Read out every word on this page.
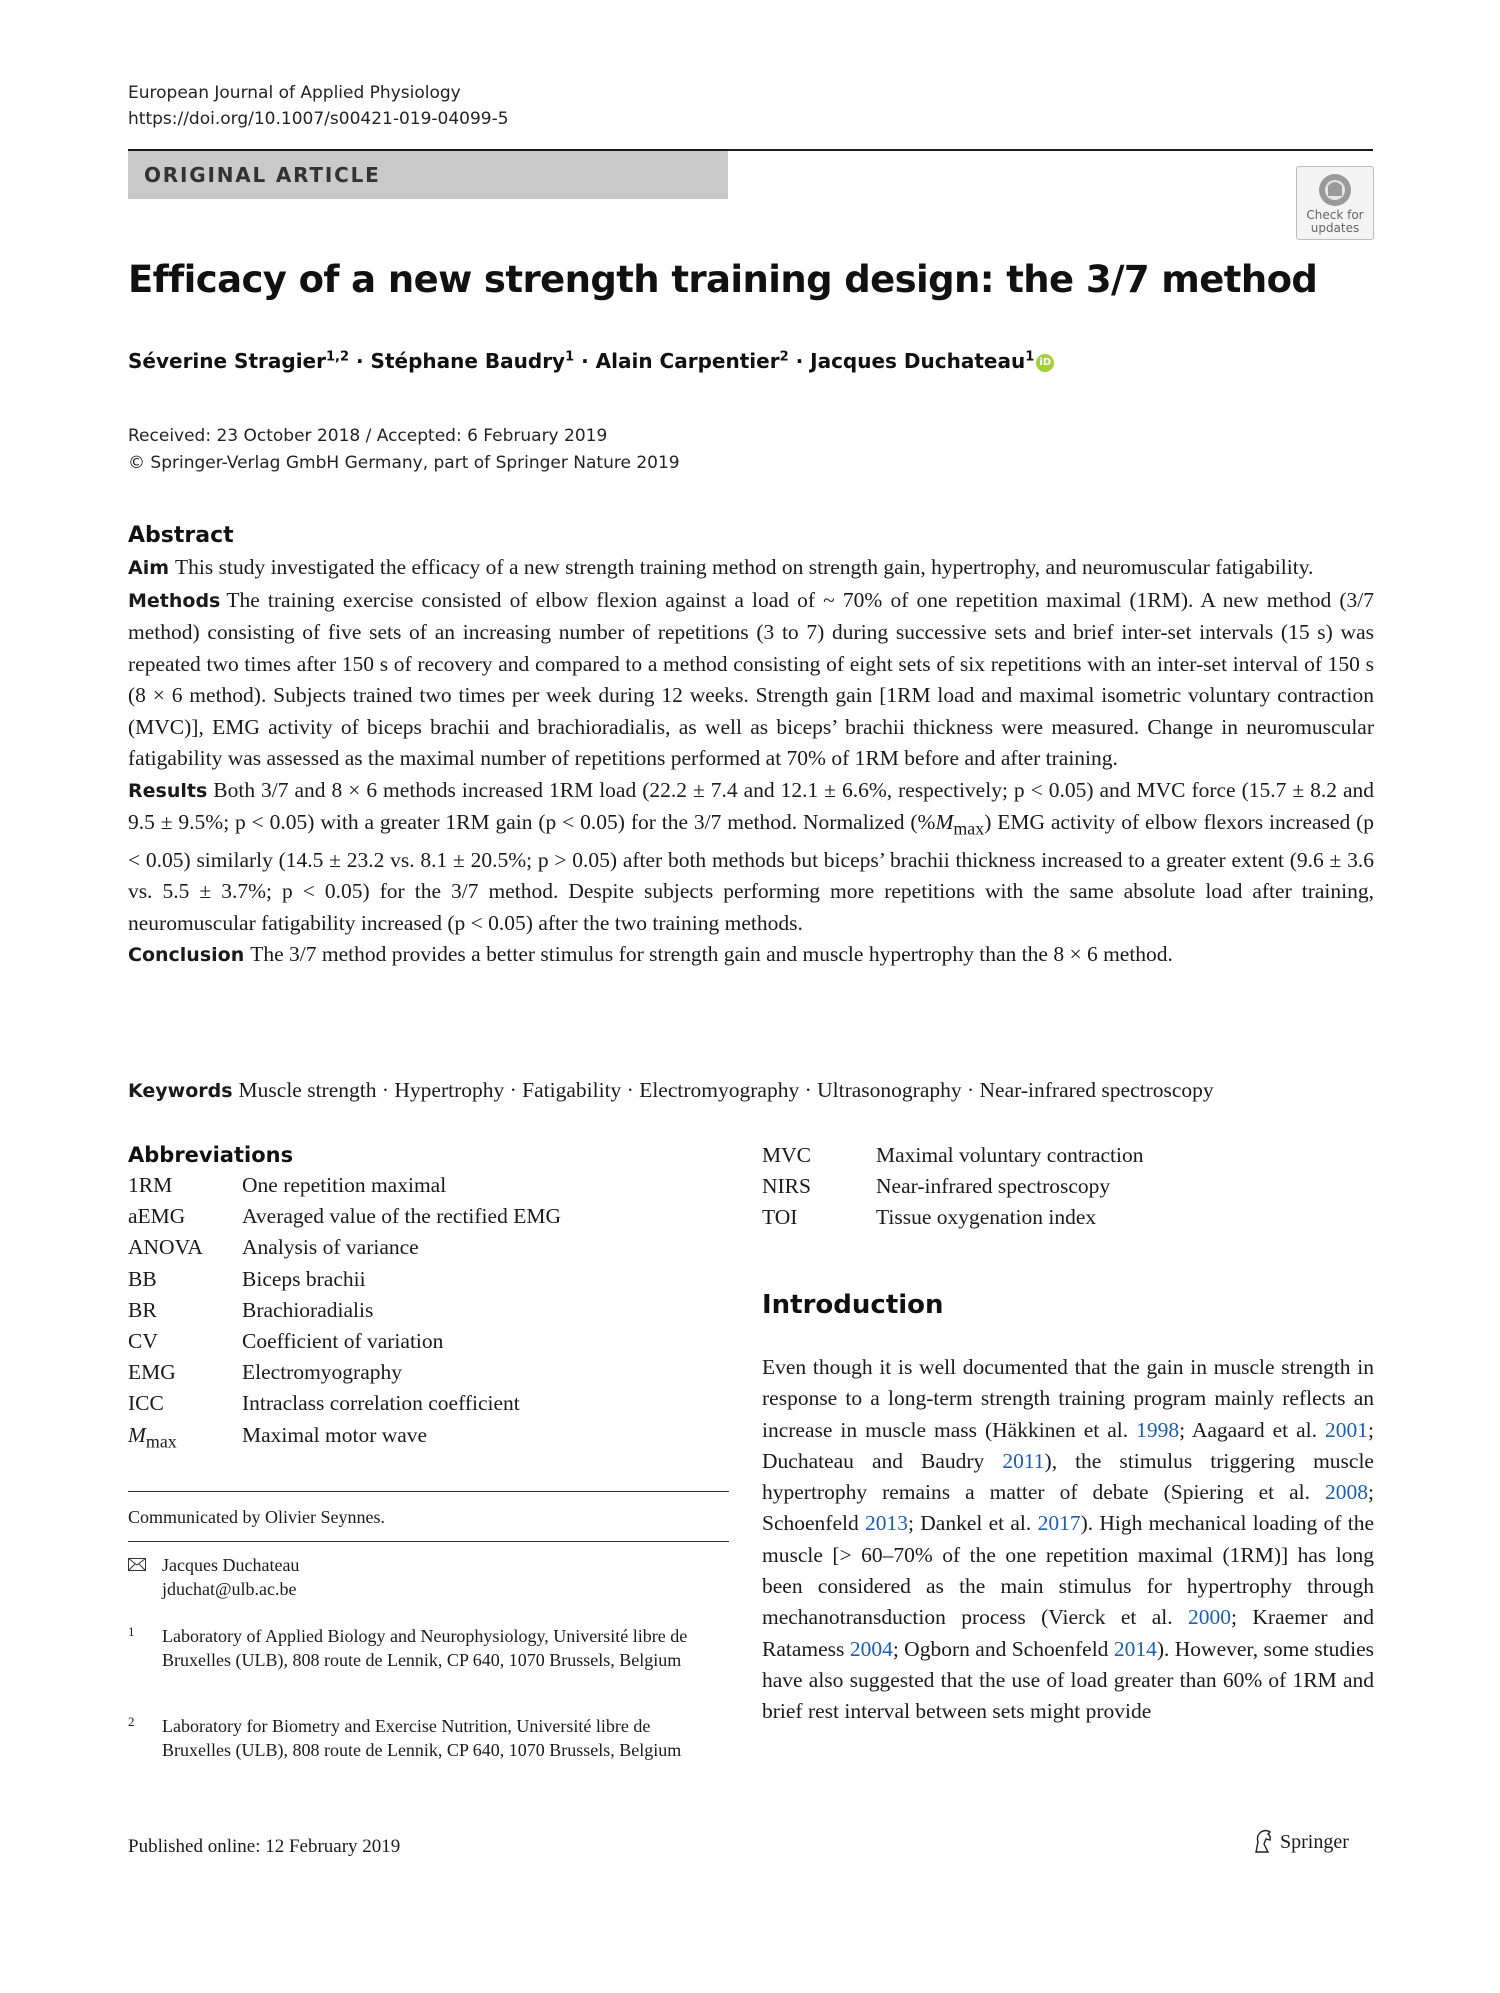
European Journal of Applied Physiology
https://doi.org/10.1007/s00421-019-04099-5
ORIGINAL ARTICLE
Check for
updates
Efficacy of a new strength training design: the 3/7 method
Séverine Stragier$^{1,2}$ · Stéphane Baudry$^1$ · Alain Carpentier$^2$ · Jacques Duchateau$^1$ iD
Received: 23 October 2018 / Accepted: 6 February 2019
© Springer-Verlag GmbH Germany, part of Springer Nature 2019
Abstract

Aim This study investigated the efficacy of a new strength training method on strength gain, hypertrophy, and neuromuscular fatigability.

Methods The training exercise consisted of elbow flexion against a load of ~ 70% of one repetition maximal (1RM). A new method (3/7 method) consisting of five sets of an increasing number of repetitions (3 to 7) during successive sets and brief inter-set intervals (15 s) was repeated two times after 150 s of recovery and compared to a method consisting of eight sets of six repetitions with an inter-set interval of 150 s (8 × 6 method). Subjects trained two times per week during 12 weeks. Strength gain [1RM load and maximal isometric voluntary contraction (MVC)], EMG activity of biceps brachii and brachioradialis, as well as biceps’ brachii thickness were measured. Change in neuromuscular fatigability was assessed as the maximal number of repetitions performed at 70% of 1RM before and after training.

Results Both 3/7 and 8 × 6 methods increased 1RM load (22.2 ± 7.4 and 12.1 ± 6.6%, respectively; p < 0.05) and MVC force (15.7 ± 8.2 and 9.5 ± 9.5%; p < 0.05) with a greater 1RM gain (p < 0.05) for the 3/7 method. Normalized $(\%M_{max})$ EMG activity of elbow flexors increased (p < 0.05) similarly (14.5 ± 23.2 vs. 8.1 ± 20.5%; p > 0.05) after both methods but biceps’ brachii thickness increased to a greater extent (9.6 ± 3.6 vs. 5.5 ± 3.7%; p < 0.05) for the 3/7 method. Despite subjects performing more repetitions with the same absolute load after training, neuromuscular fatigability increased (p < 0.05) after the two training methods.

Conclusion The 3/7 method provides a better stimulus for strength gain and muscle hypertrophy than the 8 × 6 method.

Keywords Muscle strength · Hypertrophy · Fatigability · Electromyography · Ultrasonography · Near-infrared spectroscopy
Abbreviations
1RM	One repetition maximal
aEMG	Averaged value of the rectified EMG
ANOVA Analysis of variance
BB	Biceps brachii
BR	Brachioradialis
CV	Coefficient of variation
EMG	Electromyography
ICC	Intraclass correlation coefficient
$M_{max}$	Maximal motor wave
MVC	Maximal voluntary contraction
NIRS	Near-infrared spectroscopy
TOI	Tissue oxygenation index
Communicated by Olivier Seynnes.
Jacques Duchateau
jduchat@ulb.ac.be
1 Laboratory of Applied Biology and Neurophysiology, Université libre de Bruxelles (ULB), 808 route de Lennik, CP 640, 1070 Brussels, Belgium
2 Laboratory for Biometry and Exercise Nutrition, Université libre de Bruxelles (ULB), 808 route de Lennik, CP 640, 1070 Brussels, Belgium
Introduction

Even though it is well documented that the gain in muscle strength in response to a long-term strength training program mainly reflects an increase in muscle mass (Häkkinen et al. 1998; Aagaard et al. 2001; Duchateau and Baudry 2011), the stimulus triggering muscle hypertrophy remains a matter of debate (Spiering et al. 2008; Schoenfeld 2013; Dankel et al. 2017). High mechanical loading of the muscle [> 60–70% of the one repetition maximal (1RM)] has long been considered as the main stimulus for hypertrophy through mechanotransduction process (Vierck et al. 2000; Kraemer and Ratamess 2004; Ogborn and Schoenfeld 2014). However, some studies have also suggested that the use of load greater than 60% of 1RM and brief rest interval between sets might provide

Published online: 12 February 2019	Springer
